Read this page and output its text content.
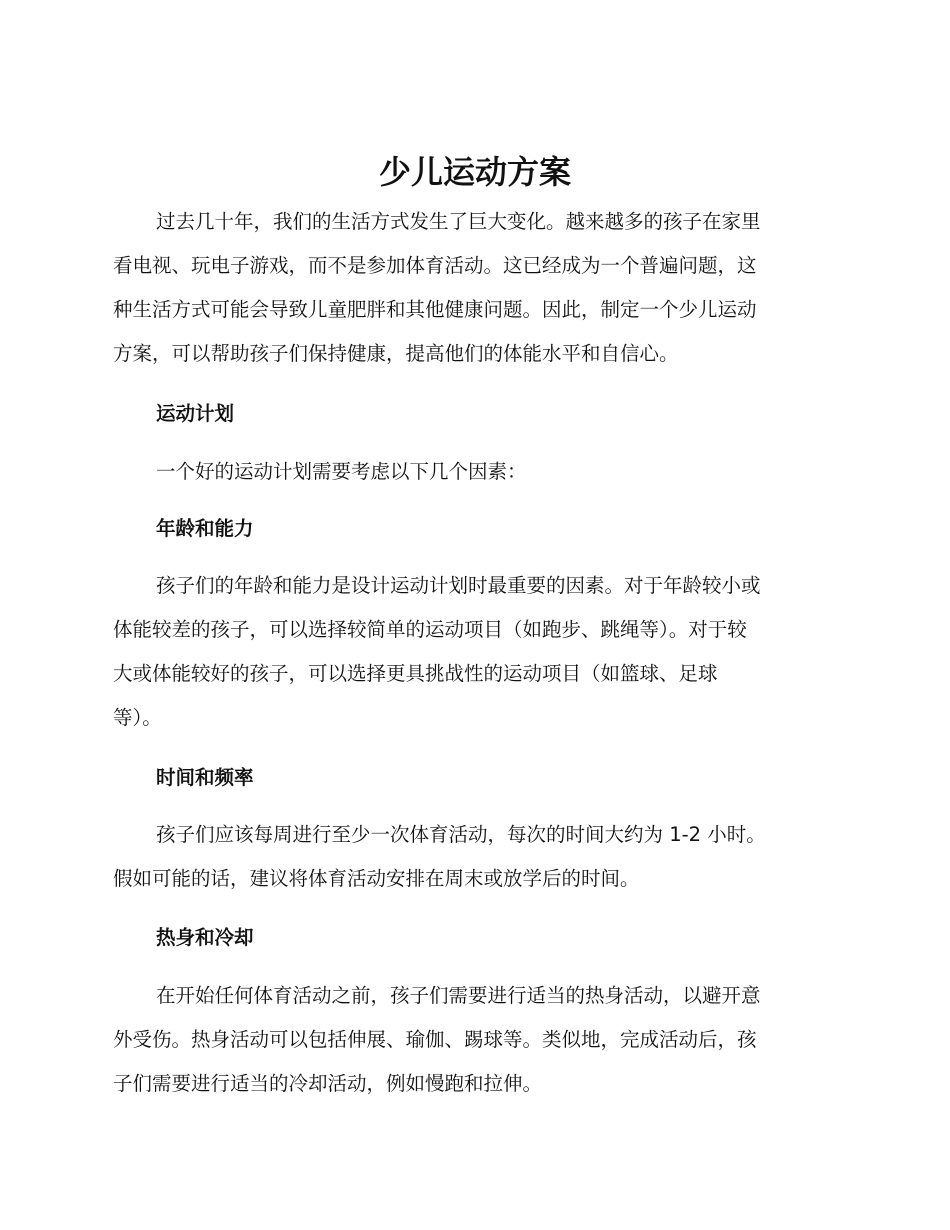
少儿运动方案
过去几十年，我们的生活方式发生了巨大变化。越来越多的孩子在家里
看电视、玩电子游戏，而不是参加体育活动。这已经成为一个普遍问题，这
种生活方式可能会导致儿童肥胖和其他健康问题。因此，制定一个少儿运动
方案，可以帮助孩子们保持健康，提高他们的体能水平和自信心。
运动计划

一个好的运动计划需要考虑以下几个因素：

年龄和能力
孩子们的年龄和能力是设计运动计划时最重要的因素。对于年龄较小或
体能较差的孩子，可以选择较简单的运动项目（如跑步、跳绳等）。对于较
大或体能较好的孩子，可以选择更具挑战性的运动项目（如篮球、足球
等）。
时间和频率
孩子们应该每周进行至少一次体育活动，每次的时间大约为 1-2 小时。
假如可能的话，建议将体育活动安排在周末或放学后的时间。
热身和冷却
在开始任何体育活动之前，孩子们需要进行适当的热身活动，以避开意
外受伤。热身活动可以包括伸展、瑜伽、踢球等。类似地，完成活动后，孩
子们需要进行适当的冷却活动，例如慢跑和拉伸。
